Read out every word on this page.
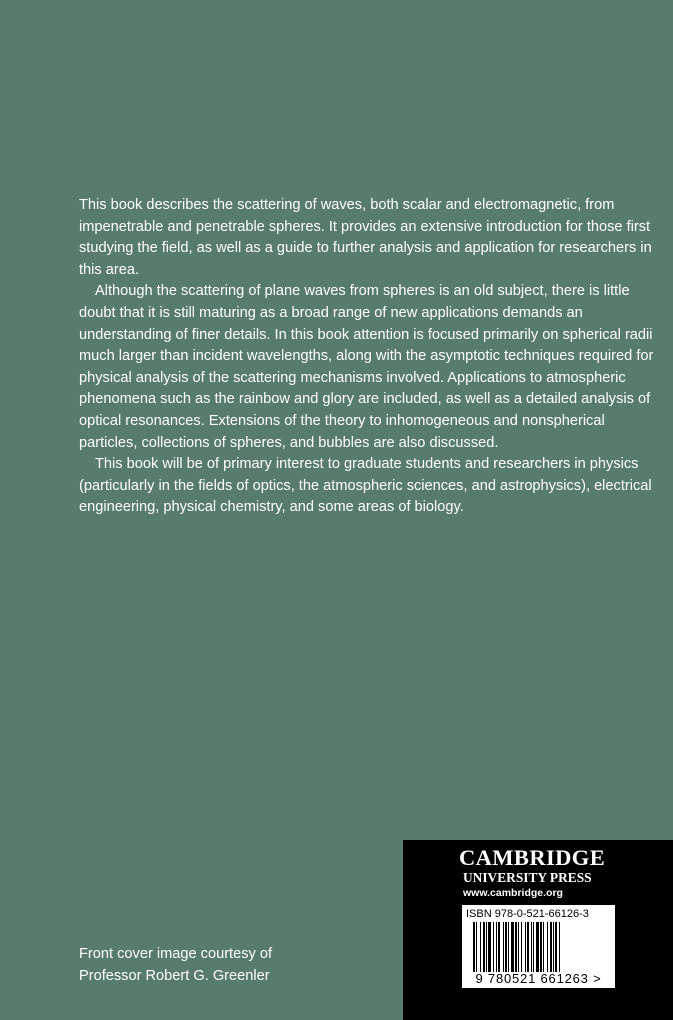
This book describes the scattering of waves, both scalar and electromagnetic, from impenetrable and penetrable spheres. It provides an extensive introduction for those first studying the field, as well as a guide to further analysis and application for researchers in this area.

Although the scattering of plane waves from spheres is an old subject, there is little doubt that it is still maturing as a broad range of new applications demands an understanding of finer details. In this book attention is focused primarily on spherical radii much larger than incident wavelengths, along with the asymptotic techniques required for physical analysis of the scattering mechanisms involved. Applications to atmospheric phenomena such as the rainbow and glory are included, as well as a detailed analysis of optical resonances. Extensions of the theory to inhomogeneous and nonspherical particles, collections of spheres, and bubbles are also discussed.

This book will be of primary interest to graduate students and researchers in physics (particularly in the fields of optics, the atmospheric sciences, and astrophysics), electrical engineering, physical chemistry, and some areas of biology.

Front cover image courtesy of
Professor Robert G. Greenler
CAMBRIDGE
UNIVERSITY PRESS
www.cambridge.org
ISBN 978-0-521-66126-3
9 780521 661263 >
